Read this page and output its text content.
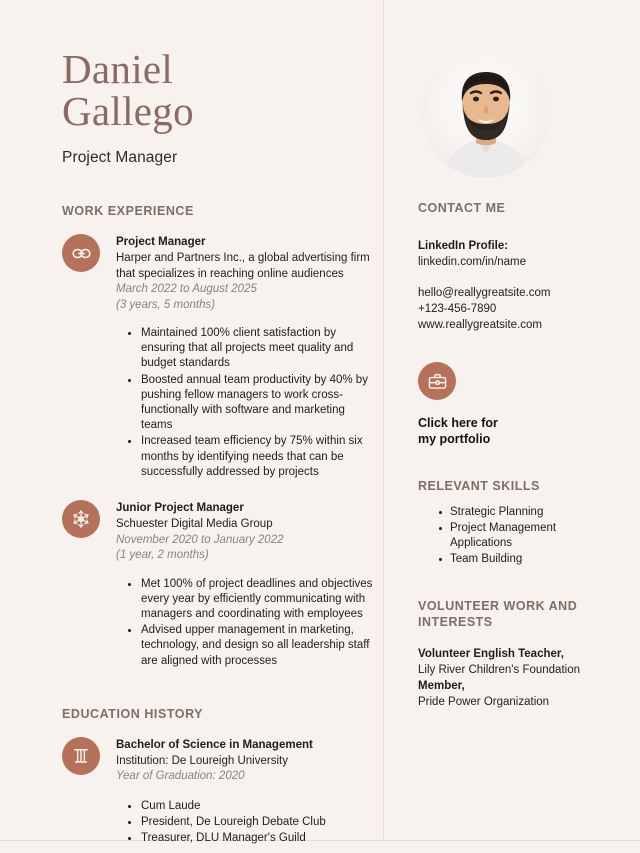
Daniel
Gallego
Project Manager
WORK EXPERIENCE
Project Manager
Harper and Partners Inc., a global advertising firm that specializes in reaching online audiences
March 2022 to August 2025
(3 years, 5 months)
Maintained 100% client satisfaction by ensuring that all projects meet quality and budget standards
Boosted annual team productivity by 40% by pushing fellow managers to work cross-functionally with software and marketing teams
Increased team efficiency by 75% within six months by identifying needs that can be successfully addressed by projects
Junior Project Manager
Schuester Digital Media Group
November 2020 to January 2022
(1 year, 2 months)
Met 100% of project deadlines and objectives every year by efficiently communicating with managers and coordinating with employees
Advised upper management in marketing, technology, and design so all leadership staff are aligned with processes
EDUCATION HISTORY
Bachelor of Science in Management
Institution: De Loureigh University
Year of Graduation: 2020
Cum Laude
President, De Loureigh Debate Club
Treasurer, DLU Manager's Guild
CONTACT ME
LinkedIn Profile:
linkedin.com/in/name
hello@reallygreatsite.com
+123-456-7890
www.reallygreatsite.com
Click here for
my portfolio
RELEVANT SKILLS
Strategic Planning
Project Management Applications
Team Building
VOLUNTEER WORK AND INTERESTS
Volunteer English Teacher,
Lily River Children's Foundation
Member,
Pride Power Organization
